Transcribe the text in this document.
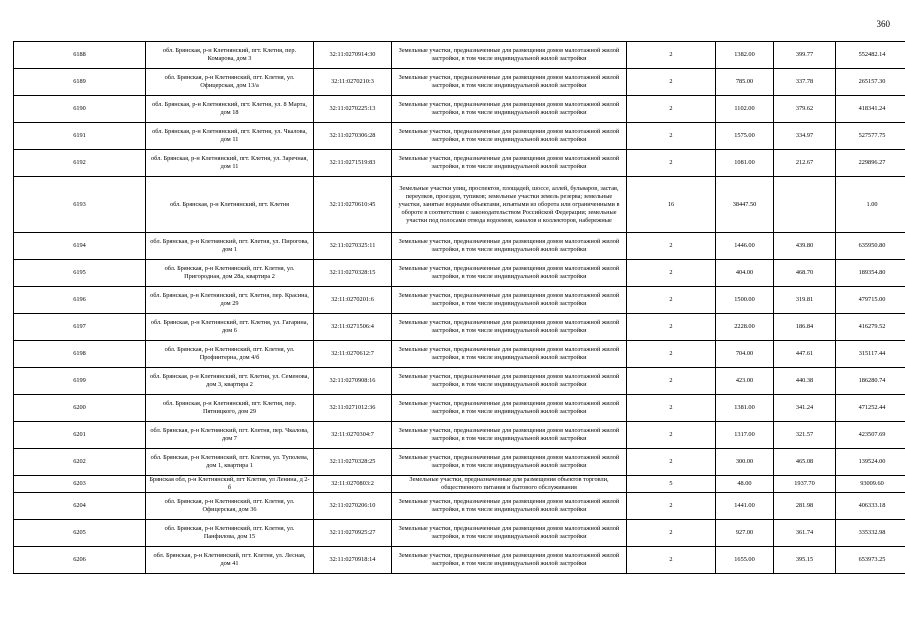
360
6188	обл. Брянская, р-н Клетнянский, пгт. Клетня, пер. Комарова, дом 3	32:11:0270914:30	Земельные участки, предназначенные для размещения домов малоэтажной жилой застройки, в том числе индивидуальной жилой застройки	2	1382.00	399.77	552482.14
6189	обл. Брянская, р-н Клетнянский, пгт. Клетня, ул. Офицерская, дом 13/а	32:11:0270210:3	Земельные участки, предназначенные для размещения домов малоэтажной жилой застройки, в том числе индивидуальной жилой застройки	2	785.00	337.78	265157.30
6190	обл. Брянская, р-н Клетнянский, пгт. Клетня, ул. 8 Марта, дом 18	32:11:0270225:13	Земельные участки, предназначенные для размещения домов малоэтажной жилой застройки, в том числе индивидуальной жилой застройки	2	1102.00	379.62	418341.24
6191	обл. Брянская, р-н Клетнянский, пгт. Клетня, ул. Чкалова, дом 11	32:11:0270306:28	Земельные участки, предназначенные для размещения домов малоэтажной жилой застройки, в том числе индивидуальной жилой застройки	2	1575.00	334.97	527577.75
6192	обл. Брянская, р-н Клетнянский, пгт. Клетня, ул. Заречная, дом 11	32:11:0271519:83	Земельные участки, предназначенные для размещения домов малоэтажной жилой застройки, в том числе индивидуальной жилой застройки	2	1081.00	212.67	229896.27
6193	обл. Брянская, р-н Клетнянский, пгт. Клетня	32:11:0270610:45	Земельные участки улиц, проспектов, площадей, шоссе, аллей, бульваров, застав, переулков, проездов, тупиков; земельные участки земель резерва; земельные участки, занятые водными объектами, изъятыми из оборота или ограниченными в обороте в соответствии с законодательством Российской Федерации; земельные участки под полосами отвода водоемов, каналов и коллекторов, набережные	16	38447.50		1.00
6194	обл. Брянская, р-н Клетнянский, пгт. Клетня, ул. Пирогова, дом 1	32:11:0270325:11	Земельные участки, предназначенные для размещения домов малоэтажной жилой застройки, в том числе индивидуальной жилой застройки	2	1446.00	439.80	635950.80
6195	обл. Брянская, р-н Клетнянский, пгт. Клетня, ул. Пригородная, дом 28а, квартира 2	32:11:0270328:15	Земельные участки, предназначенные для размещения домов малоэтажной жилой застройки, в том числе индивидуальной жилой застройки	2	404.00	468.70	189354.80
6196	обл. Брянская, р-н Клетнянский, пгт. Клетня, пер. Красина, дом 29	32:11:0270201:6	Земельные участки, предназначенные для размещения домов малоэтажной жилой застройки, в том числе индивидуальной жилой застройки	2	1500.00	319.81	479715.00
6197	обл. Брянская, р-н Клетнянский, пгт. Клетня, ул. Гагарина, дом 6	32:11:0271506:4	Земельные участки, предназначенные для размещения домов малоэтажной жилой застройки, в том числе индивидуальной жилой застройки	2	2228.00	186.84	416279.52
6198	обл. Брянская, р-н Клетнянский, пгт. Клетня, ул. Профинтерна, дом 4/б	32:11:0270612:7	Земельные участки, предназначенные для размещения домов малоэтажной жилой застройки, в том числе индивидуальной жилой застройки	2	704.00	447.61	315117.44
6199	обл. Брянская, р-н Клетнянский, пгт. Клетня, ул. Семенова, дом 3, квартира 2	32:11:0270908:16	Земельные участки, предназначенные для размещения домов малоэтажной жилой застройки, в том числе индивидуальной жилой застройки	2	423.00	440.38	186280.74
6200	обл. Брянская, р-н Клетнянский, пгт. Клетня, пер. Пятницкого, дом 29	32:11:0271012:36	Земельные участки, предназначенные для размещения домов малоэтажной жилой застройки, в том числе индивидуальной жилой застройки	2	1381.00	341.24	471252.44
6201	обл. Брянская, р-н Клетнянский, пгт. Клетня, пер. Чкалова, дом 7	32:11:0270304:7	Земельные участки, предназначенные для размещения домов малоэтажной жилой застройки, в том числе индивидуальной жилой застройки	2	1317.00	321.57	423507.69
6202	обл. Брянская, р-н Клетнянский, пгт. Клетня, ул. Туполева, дом 1, квартира 1	32:11:0270328:25	Земельные участки, предназначенные для размещения домов малоэтажной жилой застройки, в том числе индивидуальной жилой застройки	2	300.00	465.08	139524.00
6203	Брянская обл, р-н Клетнянский, пгт Клетня, ул Ленина, д 2-б	32:11:0270803:2	Земельные участки, предназначенные для размещения объектов торговли, общественного питания и бытового обслуживания	5	48.00	1937.70	93009.60
6204	обл. Брянская, р-н Клетнянский, пгт. Клетня, ул. Офицерская, дом 36	32:11:0270206:10	Земельные участки, предназначенные для размещения домов малоэтажной жилой застройки, в том числе индивидуальной жилой застройки	2	1441.00	281.98	406333.18
6205	обл. Брянская, р-н Клетнянский, пгт. Клетня, ул. Панфилова, дом 15	32:11:0270925:27	Земельные участки, предназначенные для размещения домов малоэтажной жилой застройки, в том числе индивидуальной жилой застройки	2	927.00	361.74	335332.98
6206	обл. Брянская, р-н Клетнянский, пгт. Клетня, ул. Лесная, дом 41	32:11:0270918:14	Земельные участки, предназначенные для размещения домов малоэтажной жилой застройки, в том числе индивидуальной жилой застройки	2	1655.00	395.15	653973.25
